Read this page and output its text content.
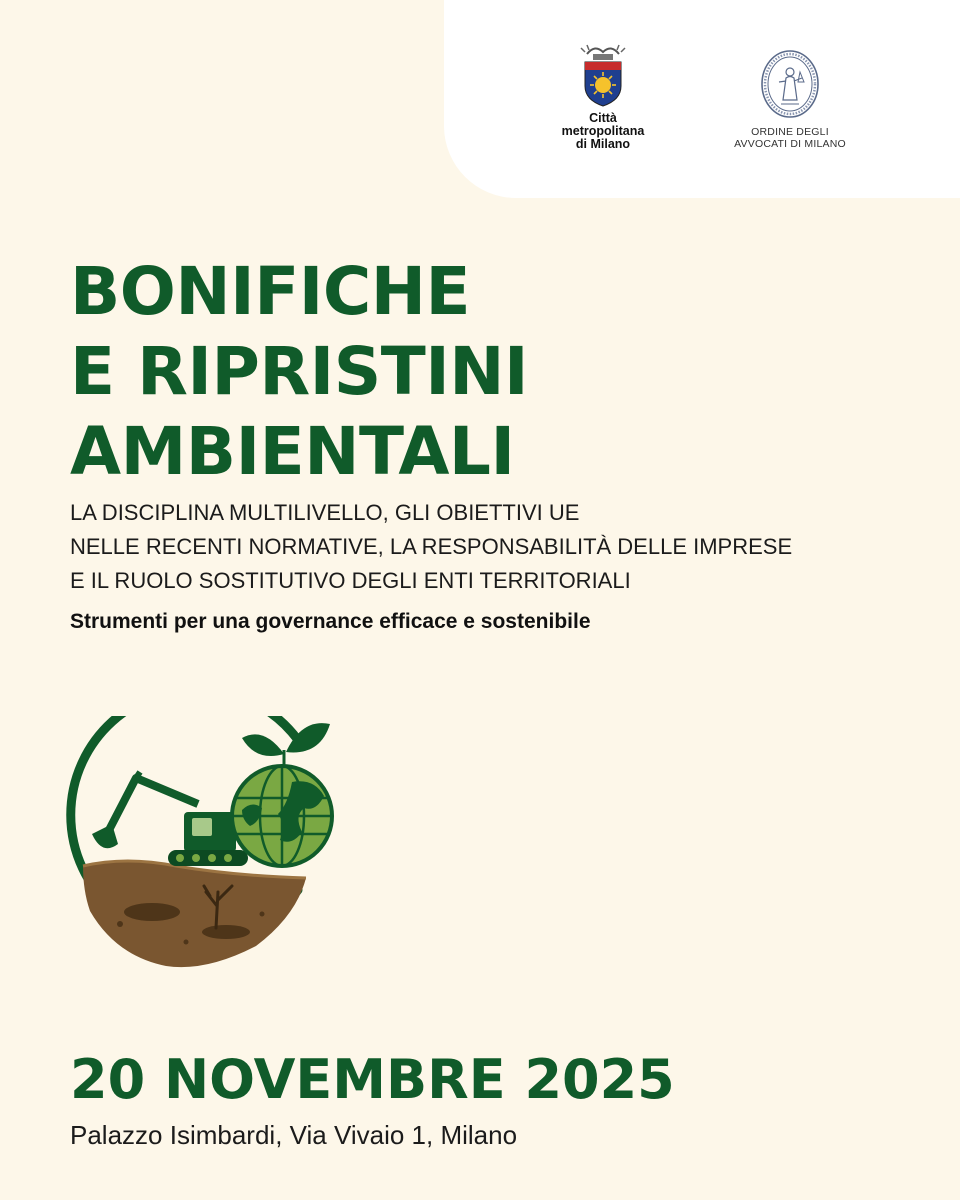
Città
metropolitana
di Milano
ORDINE DEGLI
AVVOCATI DI MILANO
BONIFICHE
E RIPRISTINI
AMBIENTALI

LA DISCIPLINA MULTILIVELLO, GLI OBIETTIVI UE
NELLE RECENTI NORMATIVE, LA RESPONSABILITÀ DELLE IMPRESE
E IL RUOLO SOSTITUTIVO DEGLI ENTI TERRITORIALI

Strumenti per una governance efficace e sostenibile

20 NOVEMBRE 2025

Palazzo Isimbardi, Via Vivaio 1, Milano
